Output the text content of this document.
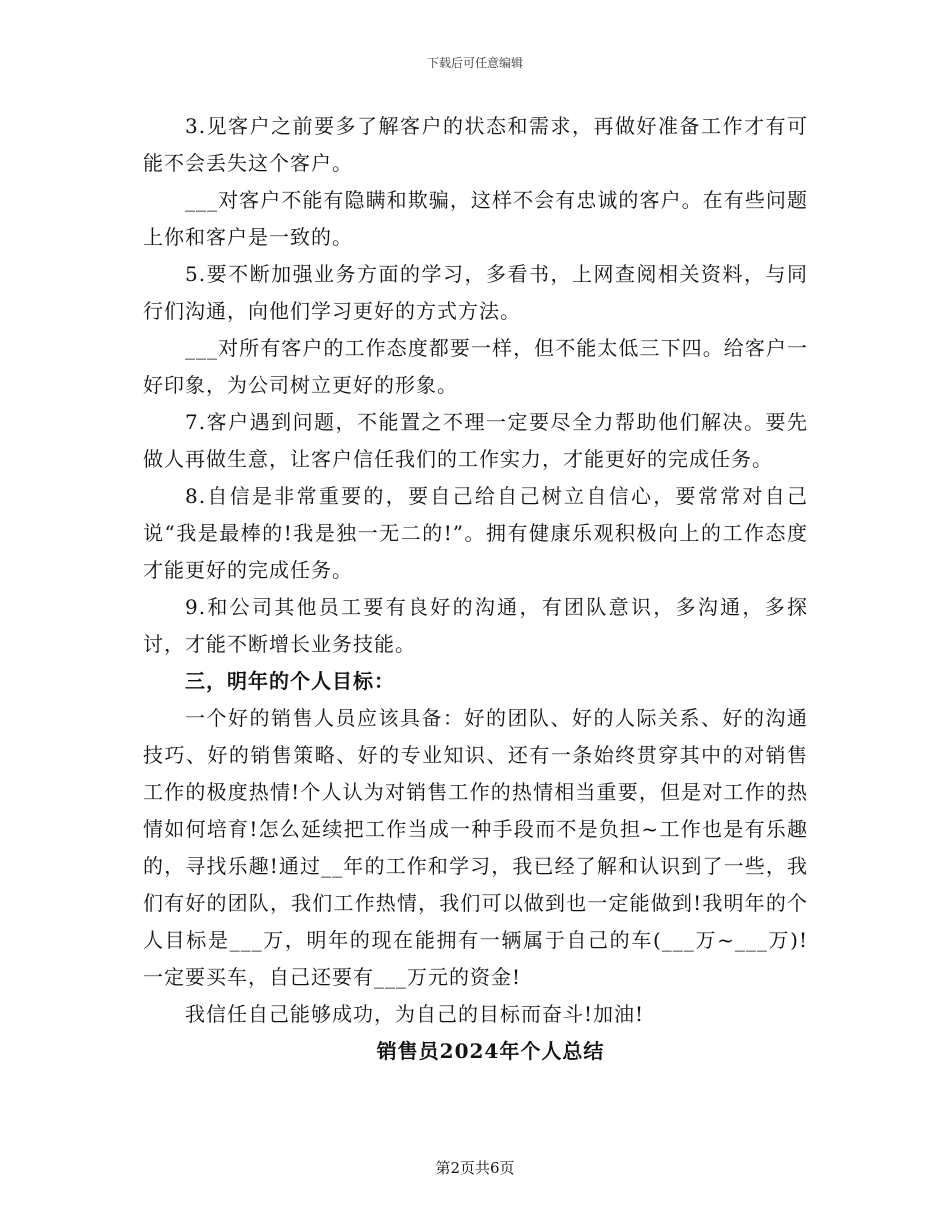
下载后可任意编辑

3.见客户之前要多了解客户的状态和需求，再做好准备工作才有可能不会丢失这个客户。

___对客户不能有隐瞒和欺骗，这样不会有忠诚的客户。在有些问题上你和客户是一致的。

5.要不断加强业务方面的学习，多看书，上网查阅相关资料，与同行们沟通，向他们学习更好的方式方法。

___对所有客户的工作态度都要一样，但不能太低三下四。给客户一好印象，为公司树立更好的形象。

7.客户遇到问题，不能置之不理一定要尽全力帮助他们解决。要先做人再做生意，让客户信任我们的工作实力，才能更好的完成任务。

8.自信是非常重要的，要自己给自己树立自信心，要常常对自己说“我是最棒的!我是独一无二的!”。拥有健康乐观积极向上的工作态度才能更好的完成任务。

9.和公司其他员工要有良好的沟通，有团队意识，多沟通，多探讨，才能不断增长业务技能。

三，明年的个人目标：

一个好的销售人员应该具备：好的团队、好的人际关系、好的沟通技巧、好的销售策略、好的专业知识、还有一条始终贯穿其中的对销售工作的极度热情!个人认为对销售工作的热情相当重要，但是对工作的热情如何培育!怎么延续把工作当成一种手段而不是负担~工作也是有乐趣的，寻找乐趣!通过__年的工作和学习，我已经了解和认识到了一些，我们有好的团队，我们工作热情，我们可以做到也一定能做到!我明年的个人目标是___万，明年的现在能拥有一辆属于自己的车(___万~___万)!一定要买车，自己还要有___万元的资金!

我信任自己能够成功，为自己的目标而奋斗!加油!

销售员2024年个人总结

第2页共6页
